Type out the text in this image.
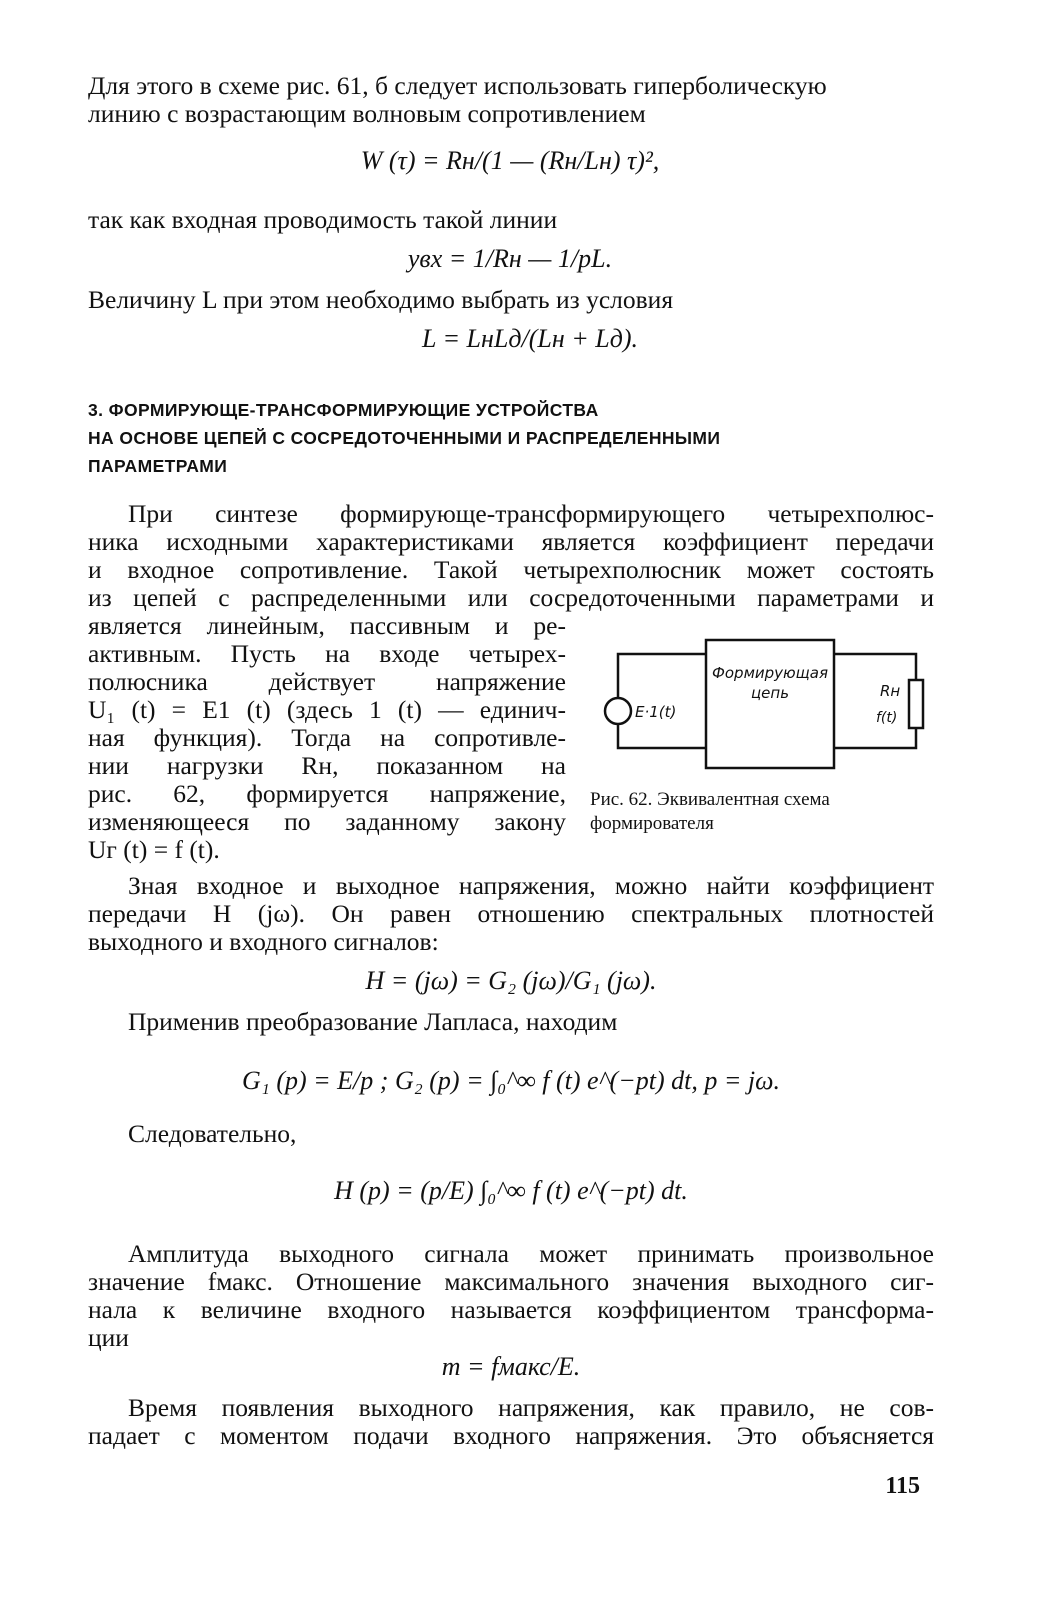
Для этого в схеме рис. 61, б следует использовать гиперболическую
линию с возрастающим волновым сопротивлением
W (τ) = Rн/(1 — (Rн/Lн) τ)²,
так как входная проводимость такой линии
yвх = 1/Rн — 1/pL.
Величину L при этом необходимо выбрать из условия
L = LнLд/(Lн + Lд).
3. ФОРМИРУЮЩЕ-ТРАНСФОРМИРУЮЩИЕ УСТРОЙСТВА
НА ОСНОВЕ ЦЕПЕЙ С СОСРЕДОТОЧЕННЫМИ И РАСПРЕДЕЛЕННЫМИ
ПАРАМЕТРАМИ
При синтезе формирующе-трансформирующего четырехполюс-
ника исходными характеристиками является коэффициент передачи
и входное сопротивление. Такой четырехполюсник может состоять
из цепей с распределенными или сосредоточенными параметрами и
является линейным, пассивным и ре-
активным. Пусть на входе четырех-
полюсника действует напряжение
U₁ (t) = E1 (t) (здесь 1 (t) — единич-
ная функция). Тогда на сопротивле-
нии нагрузки Rн, показанном на
рис. 62, формируется напряжение,
изменяющееся по заданному закону
Uг (t) = f (t).
Формирующая
цепь
E·1(t)
Rн
f(t)
Рис. 62. Эквивалентная схема
формирователя
Зная входное и выходное напряжения, можно найти коэффициент
передачи H (jω). Он равен отношению спектральных плотностей
выходного и входного сигналов:
H = (jω) = G₂ (jω)/G₁ (jω).
Применив преобразование Лапласа, находим
G₁ (p) = E/p ; G₂ (p) = ∫₀^∞ f (t) e^(−pt) dt, p = jω.
Следовательно,
H (p) = (p/E) ∫₀^∞ f (t) e^(−pt) dt.
Амплитуда выходного сигнала может принимать произвольное
значение fмакс. Отношение максимального значения выходного сиг-
нала к величине входного называется коэффициентом трансформа-
ции
m = fмакс/E.
Время появления выходного напряжения, как правило, не сов-
падает с моментом подачи входного напряжения. Это объясняется
115
